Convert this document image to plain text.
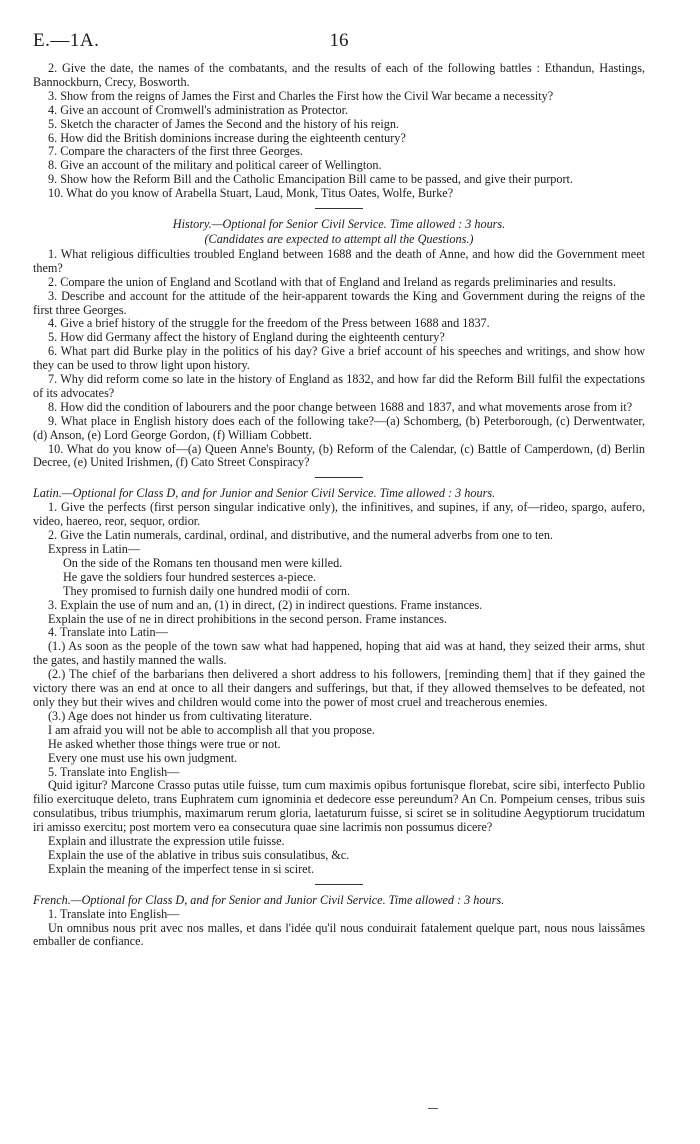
E.—1A.	16

2. Give the date, the names of the combatants, and the results of each of the following battles : Ethandun, Hastings, Bannockburn, Crecy, Bosworth.

3. Show from the reigns of James the First and Charles the First how the Civil War became a necessity?

4. Give an account of Cromwell's administration as Protector.

5. Sketch the character of James the Second and the history of his reign.

6. How did the British dominions increase during the eighteenth century?

7. Compare the characters of the first three Georges.

8. Give an account of the military and political career of Wellington.

9. Show how the Reform Bill and the Catholic Emancipation Bill came to be passed, and give their purport.

10. What do you know of Arabella Stuart, Laud, Monk, Titus Oates, Wolfe, Burke?

History.—Optional for Senior Civil Service. Time allowed : 3 hours.

(Candidates are expected to attempt all the Questions.)

1. What religious difficulties troubled England between 1688 and the death of Anne, and how did the Government meet them?

2. Compare the union of England and Scotland with that of England and Ireland as regards preliminaries and results.

3. Describe and account for the attitude of the heir-apparent towards the King and Government during the reigns of the first three Georges.

4. Give a brief history of the struggle for the freedom of the Press between 1688 and 1837.

5. How did Germany affect the history of England during the eighteenth century?

6. What part did Burke play in the politics of his day? Give a brief account of his speeches and writings, and show how they can be used to throw light upon history.

7. Why did reform come so late in the history of England as 1832, and how far did the Reform Bill fulfil the expectations of its advocates?

8. How did the condition of labourers and the poor change between 1688 and 1837, and what movements arose from it?

9. What place in English history does each of the following take?—(a) Schomberg, (b) Peterborough, (c) Derwentwater, (d) Anson, (e) Lord George Gordon, (f) William Cobbett.

10. What do you know of—(a) Queen Anne's Bounty, (b) Reform of the Calendar, (c) Battle of Camperdown, (d) Berlin Decree, (e) United Irishmen, (f) Cato Street Conspiracy?

Latin.—Optional for Class D, and for Junior and Senior Civil Service. Time allowed : 3 hours.

1. Give the perfects (first person singular indicative only), the infinitives, and supines, if any, of—rideo, spargo, aufero, video, haereo, reor, sequor, ordior.

2. Give the Latin numerals, cardinal, ordinal, and distributive, and the numeral adverbs from one to ten.

Express in Latin—

On the side of the Romans ten thousand men were killed.

He gave the soldiers four hundred sesterces a-piece.

They promised to furnish daily one hundred modii of corn.

3. Explain the use of num and an, (1) in direct, (2) in indirect questions. Frame instances.

Explain the use of ne in direct prohibitions in the second person. Frame instances.

4. Translate into Latin—

(1.) As soon as the people of the town saw what had happened, hoping that aid was at hand, they seized their arms, shut the gates, and hastily manned the walls.

(2.) The chief of the barbarians then delivered a short address to his followers, [reminding them] that if they gained the victory there was an end at once to all their dangers and sufferings, but that, if they allowed themselves to be defeated, not only they but their wives and children would come into the power of most cruel and treacherous enemies.

(3.) Age does not hinder us from cultivating literature.

I am afraid you will not be able to accomplish all that you propose.

He asked whether those things were true or not.

Every one must use his own judgment.

5. Translate into English—

Quid igitur? Marcone Crasso putas utile fuisse, tum cum maximis opibus fortunisque florebat, scire sibi, interfecto Publio filio exercituque deleto, trans Euphratem cum ignominia et dedecore esse pereundum? An Cn. Pompeium censes, tribus suis consulatibus, tribus triumphis, maximarum rerum gloria, laetaturum fuisse, si sciret se in solitudine Aegyptiorum trucidatum iri amisso exercitu; post mortem vero ea consecutura quae sine lacrimis non possumus dicere?

Explain and illustrate the expression utile fuisse.

Explain the use of the ablative in tribus suis consulatibus, &c.

Explain the meaning of the imperfect tense in si sciret.

French.—Optional for Class D, and for Senior and Junior Civil Service. Time allowed : 3 hours.

1. Translate into English—

Un omnibus nous prit avec nos malles, et dans l'idée qu'il nous conduirait fatalement quelque part, nous nous laissâmes emballer de confiance.
